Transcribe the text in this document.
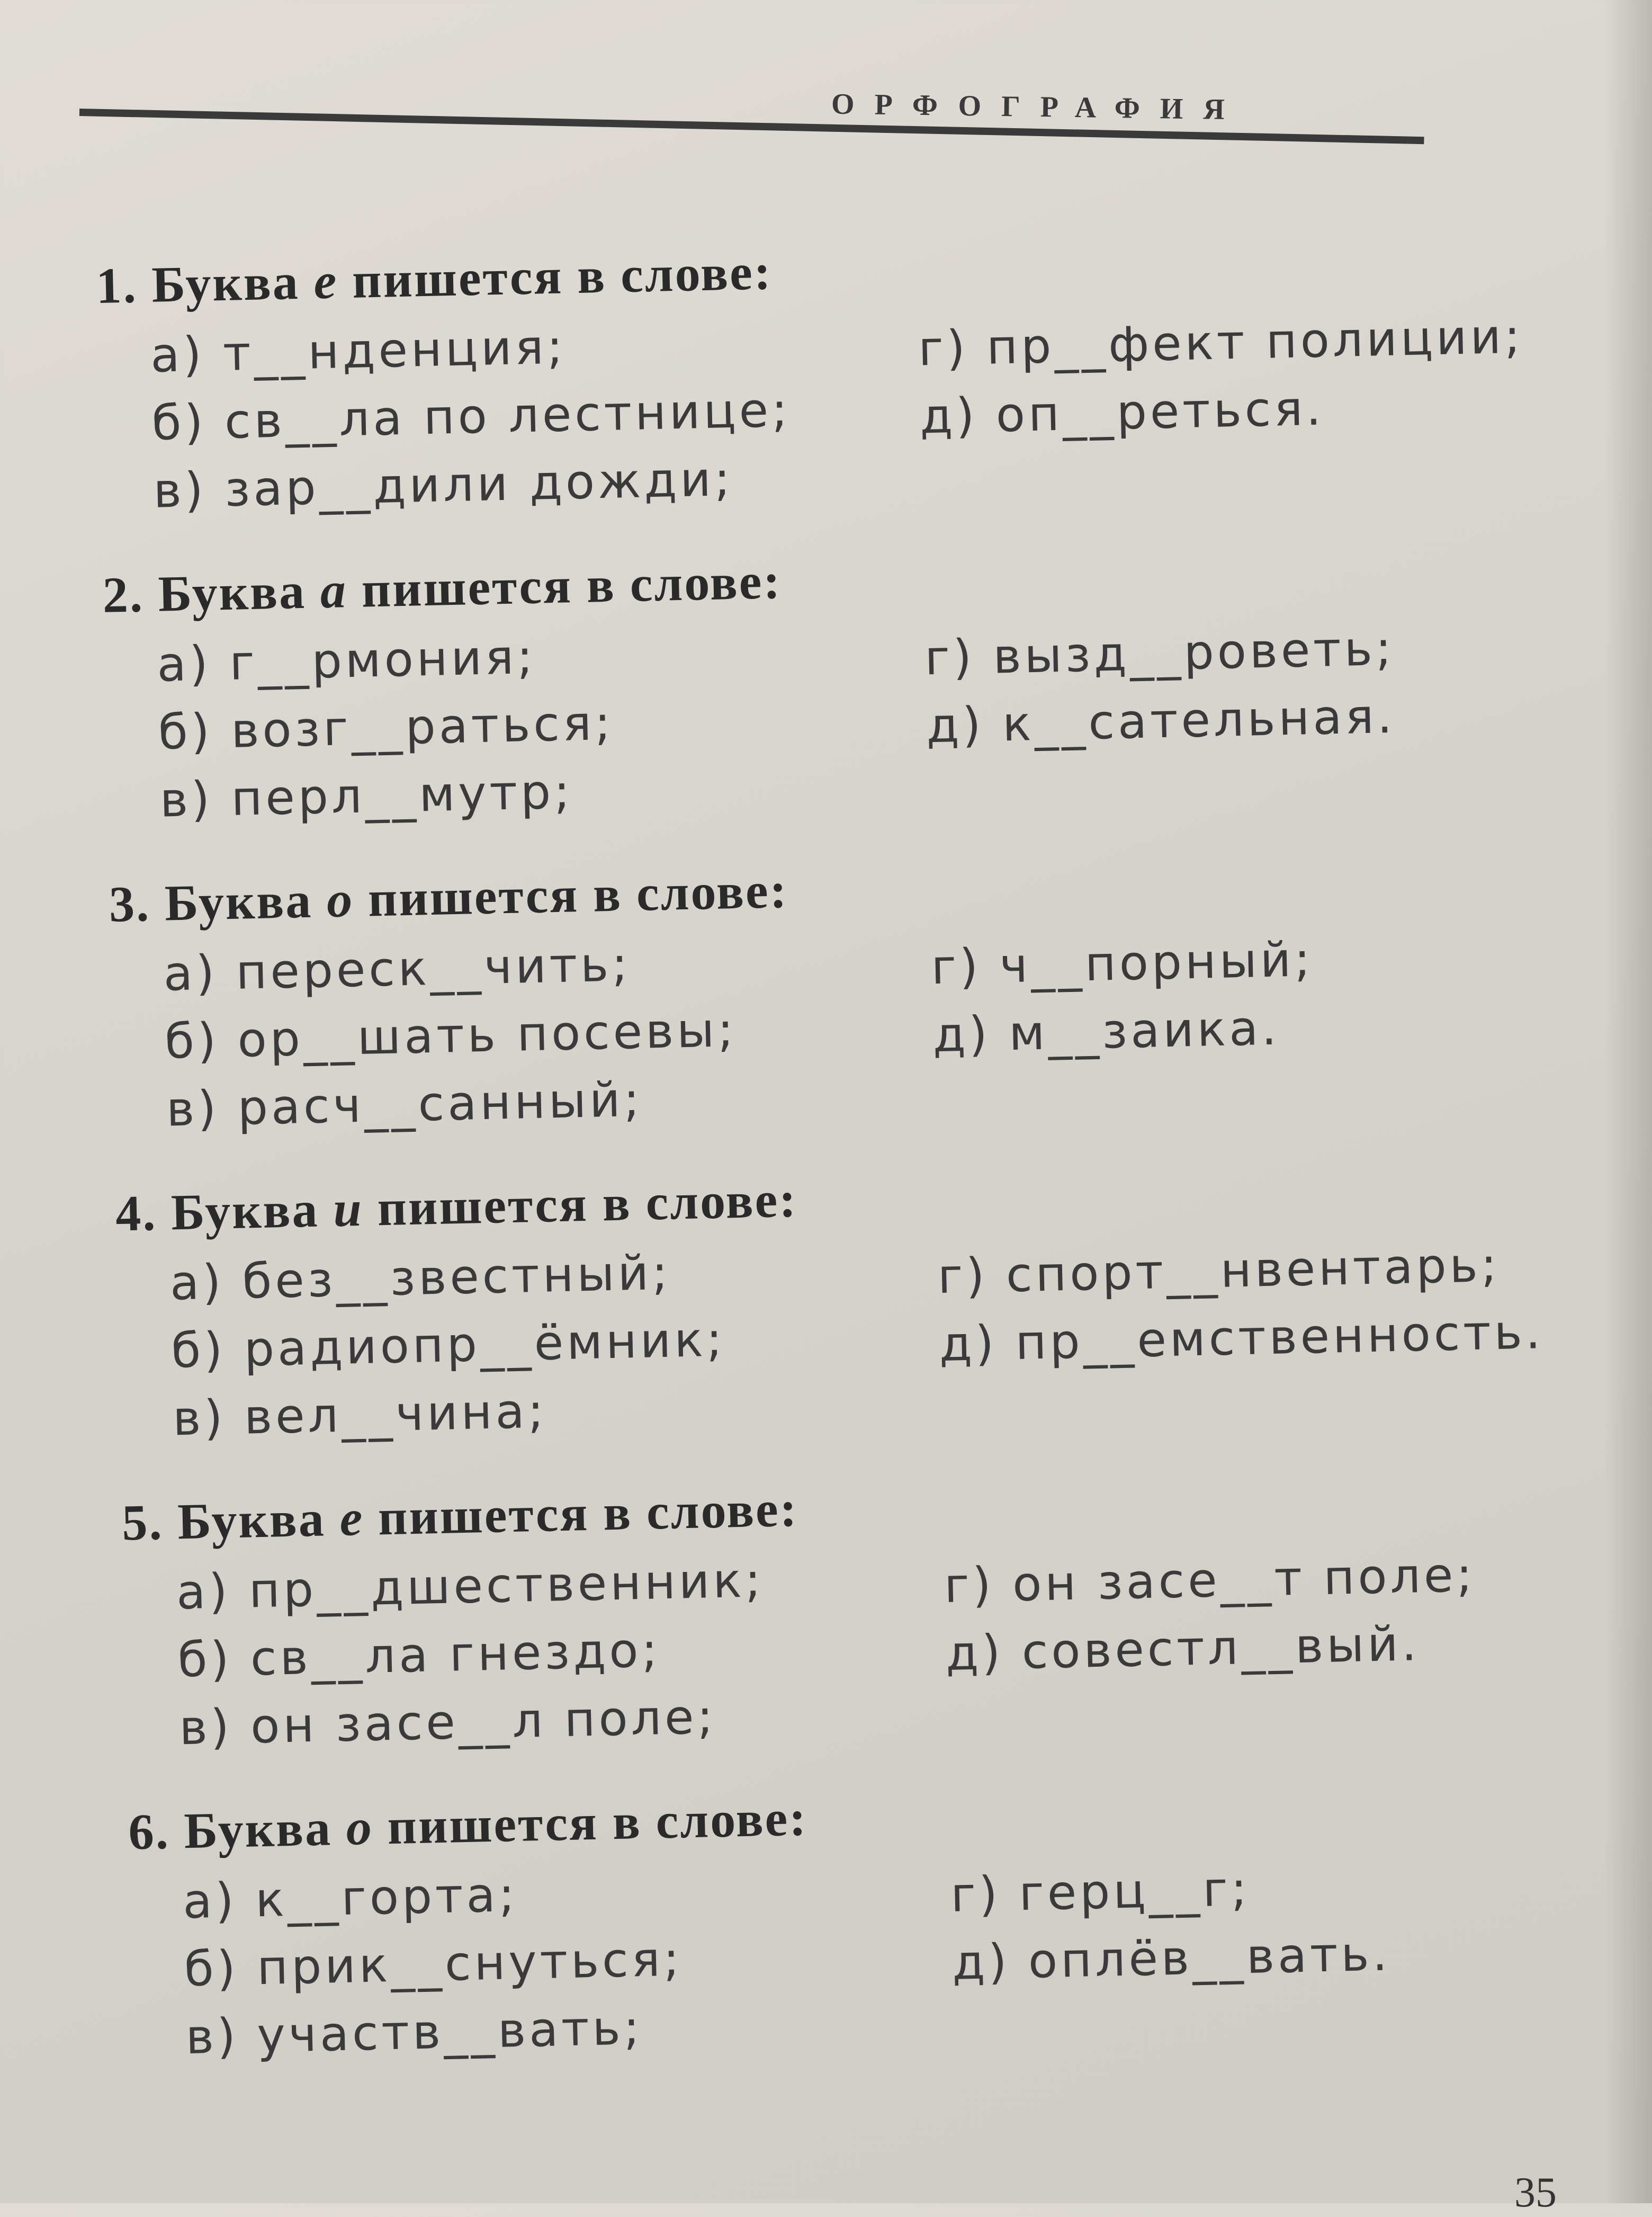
ОРФОГРАФИЯ
1. Буква е пишется в слове:
а) т__нденция;
б) св__ла по лестнице;
в) зар__дили дожди;
г) пр__фект полиции;
д) оп__реться.
2. Буква а пишется в слове:
а) г__рмония;
б) возг__раться;
в) перл__мутр;
г) вызд__роветь;
д) к__сательная.
3. Буква о пишется в слове:
а) переск__чить;
б) ор__шать посевы;
в) расч__санный;
г) ч__порный;
д) м__заика.
4. Буква и пишется в слове:
а) без__звестный;
б) радиопр__ёмник;
в) вел__чина;
г) спорт__нвентарь;
д) пр__емственность.
5. Буква е пишется в слове:
а) пр__дшественник;
б) св__ла гнездо;
в) он засе__л поле;
г) он засе__т поле;
д) совестл__вый.
6. Буква о пишется в слове:
а) к__горта;
б) прик__снуться;
в) участв__вать;
г) герц__г;
д) оплёв__вать.
35
